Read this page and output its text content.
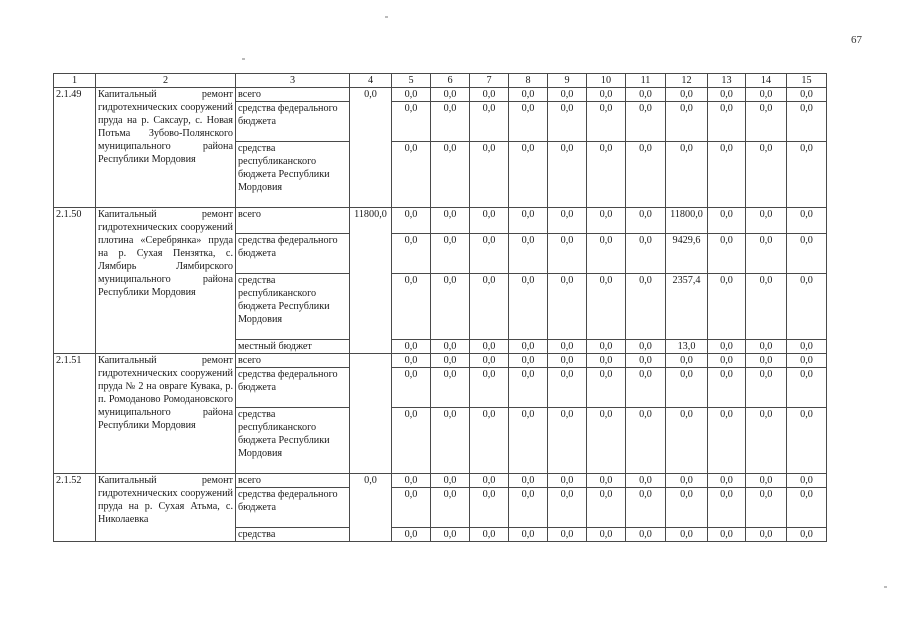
67
1	2	3	4	5	6	7	8	9	10	11	12	13	14	15
2.1.49	Капитальный ремонт гидротехнических сооружений пруда на р. Саксаур, с. Новая Потьма Зубово-Полянского муниципального района Республики Мордовия	всего	0,0	0,0	0,0	0,0	0,0	0,0	0,0	0,0	0,0	0,0	0,0	0,0
		средства федерального бюджета		0,0	0,0	0,0	0,0	0,0	0,0	0,0	0,0	0,0	0,0	0,0
		средства республиканского бюджета Республики Мордовия		0,0	0,0	0,0	0,0	0,0	0,0	0,0	0,0	0,0	0,0	0,0
2.1.50	Капитальный ремонт гидротехнических сооружений плотина «Серебрянка» пруда на р. Сухая Пензятка, с. Лямбирь Лямбирского муниципального района Республики Мордовия	всего	11800,0	0,0	0,0	0,0	0,0	0,0	0,0	0,0	11800,0	0,0	0,0	0,0
		средства федерального бюджета		0,0	0,0	0,0	0,0	0,0	0,0	0,0	9429,6	0,0	0,0	0,0
		средства республиканского бюджета Республики Мордовия		0,0	0,0	0,0	0,0	0,0	0,0	0,0	2357,4	0,0	0,0	0,0
		местный бюджет		0,0	0,0	0,0	0,0	0,0	0,0	0,0	13,0	0,0	0,0	0,0
2.1.51	Капитальный ремонт гидротехнических сооружений пруда № 2 на овраге Кувака, р. п. Ромоданово Ромодановского муниципального района Республики Мордовия	всего		0,0	0,0	0,0	0,0	0,0	0,0	0,0	0,0	0,0	0,0	0,0
		средства федерального бюджета		0,0	0,0	0,0	0,0	0,0	0,0	0,0	0,0	0,0	0,0	0,0
		средства республиканского бюджета Республики Мордовия		0,0	0,0	0,0	0,0	0,0	0,0	0,0	0,0	0,0	0,0	0,0
2.1.52	Капитальный ремонт гидротехнических сооружений пруда на р. Сухая Атьма, с. Николаевка	всего	0,0	0,0	0,0	0,0	0,0	0,0	0,0	0,0	0,0	0,0	0,0	0,0
		средства федерального бюджета		0,0	0,0	0,0	0,0	0,0	0,0	0,0	0,0	0,0	0,0	0,0
		средства		0,0	0,0	0,0	0,0	0,0	0,0	0,0	0,0	0,0	0,0	0,0
